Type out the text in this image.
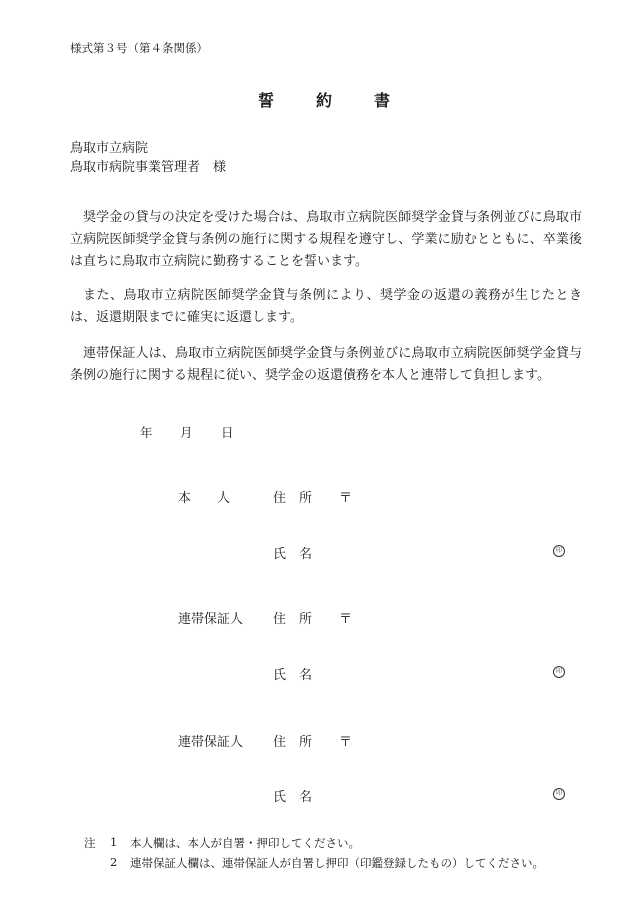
様式第３号（第４条関係）
誓	約	書
鳥取市立病院
鳥取市病院事業管理者　様
奨学金の貸与の決定を受けた場合は、鳥取市立病院医師奨学金貸与条例並びに鳥取市立病院医師奨学金貸与条例の施行に関する規程を遵守し、学業に励むとともに、卒業後は直ちに鳥取市立病院に勤務することを誓います。
また、鳥取市立病院医師奨学金貸与条例により、奨学金の返還の義務が生じたときは、返還期限までに確実に返還します。
連帯保証人は、鳥取市立病院医師奨学金貸与条例並びに鳥取市立病院医師奨学金貸与条例の施行に関する規程に従い、奨学金の返還債務を本人と連帯して負担します。
年 月 日
本　　人	住　所 〒
氏　名	印
連帯保証人 住　所 〒
氏　名	印
連帯保証人 住　所 〒
氏　名	印
注 1 本人欄は、本人が自署・押印してください。
2 連帯保証人欄は、連帯保証人が自署し押印（印鑑登録したもの）してください。
